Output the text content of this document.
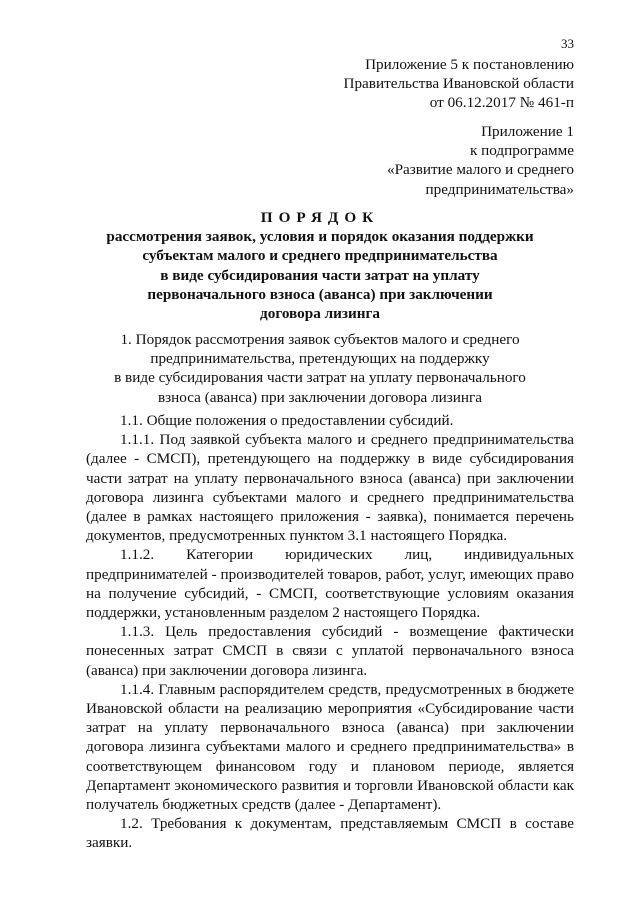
33
Приложение 5 к постановлению
Правительства Ивановской области
от 06.12.2017 № 461-п
Приложение 1
к подпрограмме
«Развитие малого и среднего
предпринимательства»
ПОРЯДОК
рассмотрения заявок, условия и порядок оказания поддержки
субъектам малого и среднего предпринимательства
в виде субсидирования части затрат на уплату
первоначального взноса (аванса) при заключении
договора лизинга
1. Порядок рассмотрения заявок субъектов малого и среднего
предпринимательства, претендующих на поддержку
в виде субсидирования части затрат на уплату первоначального
взноса (аванса) при заключении договора лизинга

1.1. Общие положения о предоставлении субсидий.

1.1.1. Под заявкой субъекта малого и среднего предпринимательства (далее - СМСП), претендующего на поддержку в виде субсидирования части затрат на уплату первоначального взноса (аванса) при заключении договора лизинга субъектами малого и среднего предпринимательства (далее в рамках настоящего приложения - заявка), понимается перечень документов, предусмотренных пунктом 3.1 настоящего Порядка.

1.1.2. Категории юридических лиц, индивидуальных предпринимателей - производителей товаров, работ, услуг, имеющих право на получение субсидий, - СМСП, соответствующие условиям оказания поддержки, установленным разделом 2 настоящего Порядка.

1.1.3. Цель предоставления субсидий - возмещение фактически понесенных затрат СМСП в связи с уплатой первоначального взноса (аванса) при заключении договора лизинга.

1.1.4. Главным распорядителем средств, предусмотренных в бюджете Ивановской области на реализацию мероприятия «Субсидирование части затрат на уплату первоначального взноса (аванса) при заключении договора лизинга субъектами малого и среднего предпринимательства» в соответствующем финансовом году и плановом периоде, является Департамент экономического развития и торговли Ивановской области как получатель бюджетных средств (далее - Департамент).

1.2. Требования к документам, представляемым СМСП в составе заявки.
